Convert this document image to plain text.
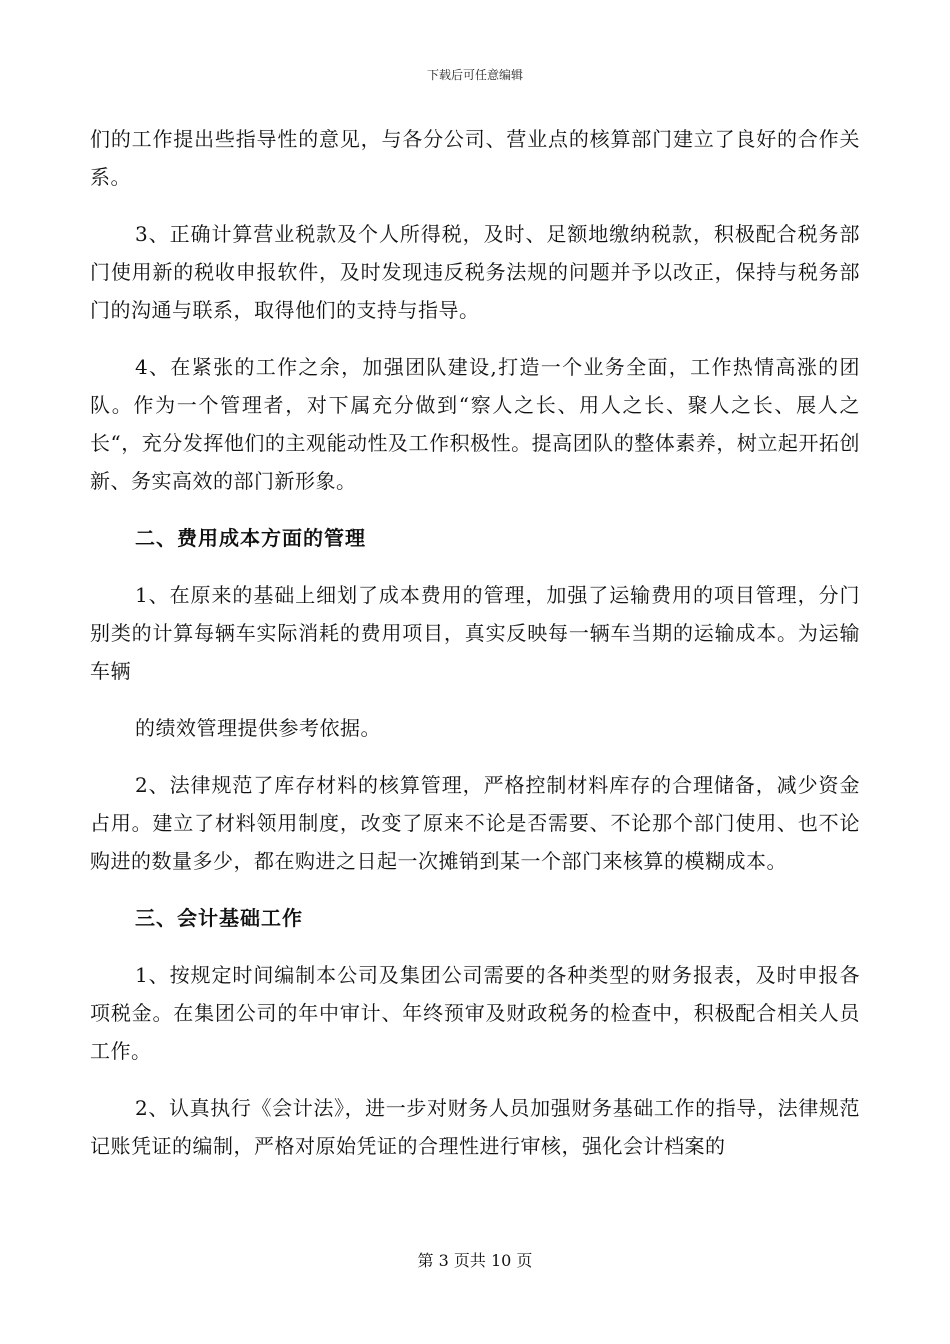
下载后可任意编辑

们的工作提出些指导性的意见，与各分公司、营业点的核算部门建立了良好的合作关系。

3、正确计算营业税款及个人所得税，及时、足额地缴纳税款，积极配合税务部门使用新的税收申报软件，及时发现违反税务法规的问题并予以改正，保持与税务部门的沟通与联系，取得他们的支持与指导。

4、在紧张的工作之余，加强团队建设,打造一个业务全面，工作热情高涨的团队。作为一个管理者，对下属充分做到“察人之长、用人之长、聚人之长、展人之长“，充分发挥他们的主观能动性及工作积极性。提高团队的整体素养，树立起开拓创新、务实高效的部门新形象。

二、费用成本方面的管理

1、在原来的基础上细划了成本费用的管理，加强了运输费用的项目管理，分门别类的计算每辆车实际消耗的费用项目，真实反映每一辆车当期的运输成本。为运输车辆

的绩效管理提供参考依据。

2、法律规范了库存材料的核算管理，严格控制材料库存的合理储备，减少资金占用。建立了材料领用制度，改变了原来不论是否需要、不论那个部门使用、也不论购进的数量多少，都在购进之日起一次摊销到某一个部门来核算的模糊成本。

三、会计基础工作

1、按规定时间编制本公司及集团公司需要的各种类型的财务报表，及时申报各项税金。在集团公司的年中审计、年终预审及财政税务的检查中，积极配合相关人员工作。

2、认真执行《会计法》，进一步对财务人员加强财务基础工作的指导，法律规范记账凭证的编制，严格对原始凭证的合理性进行审核，强化会计档案的

第 3 页共 10 页
